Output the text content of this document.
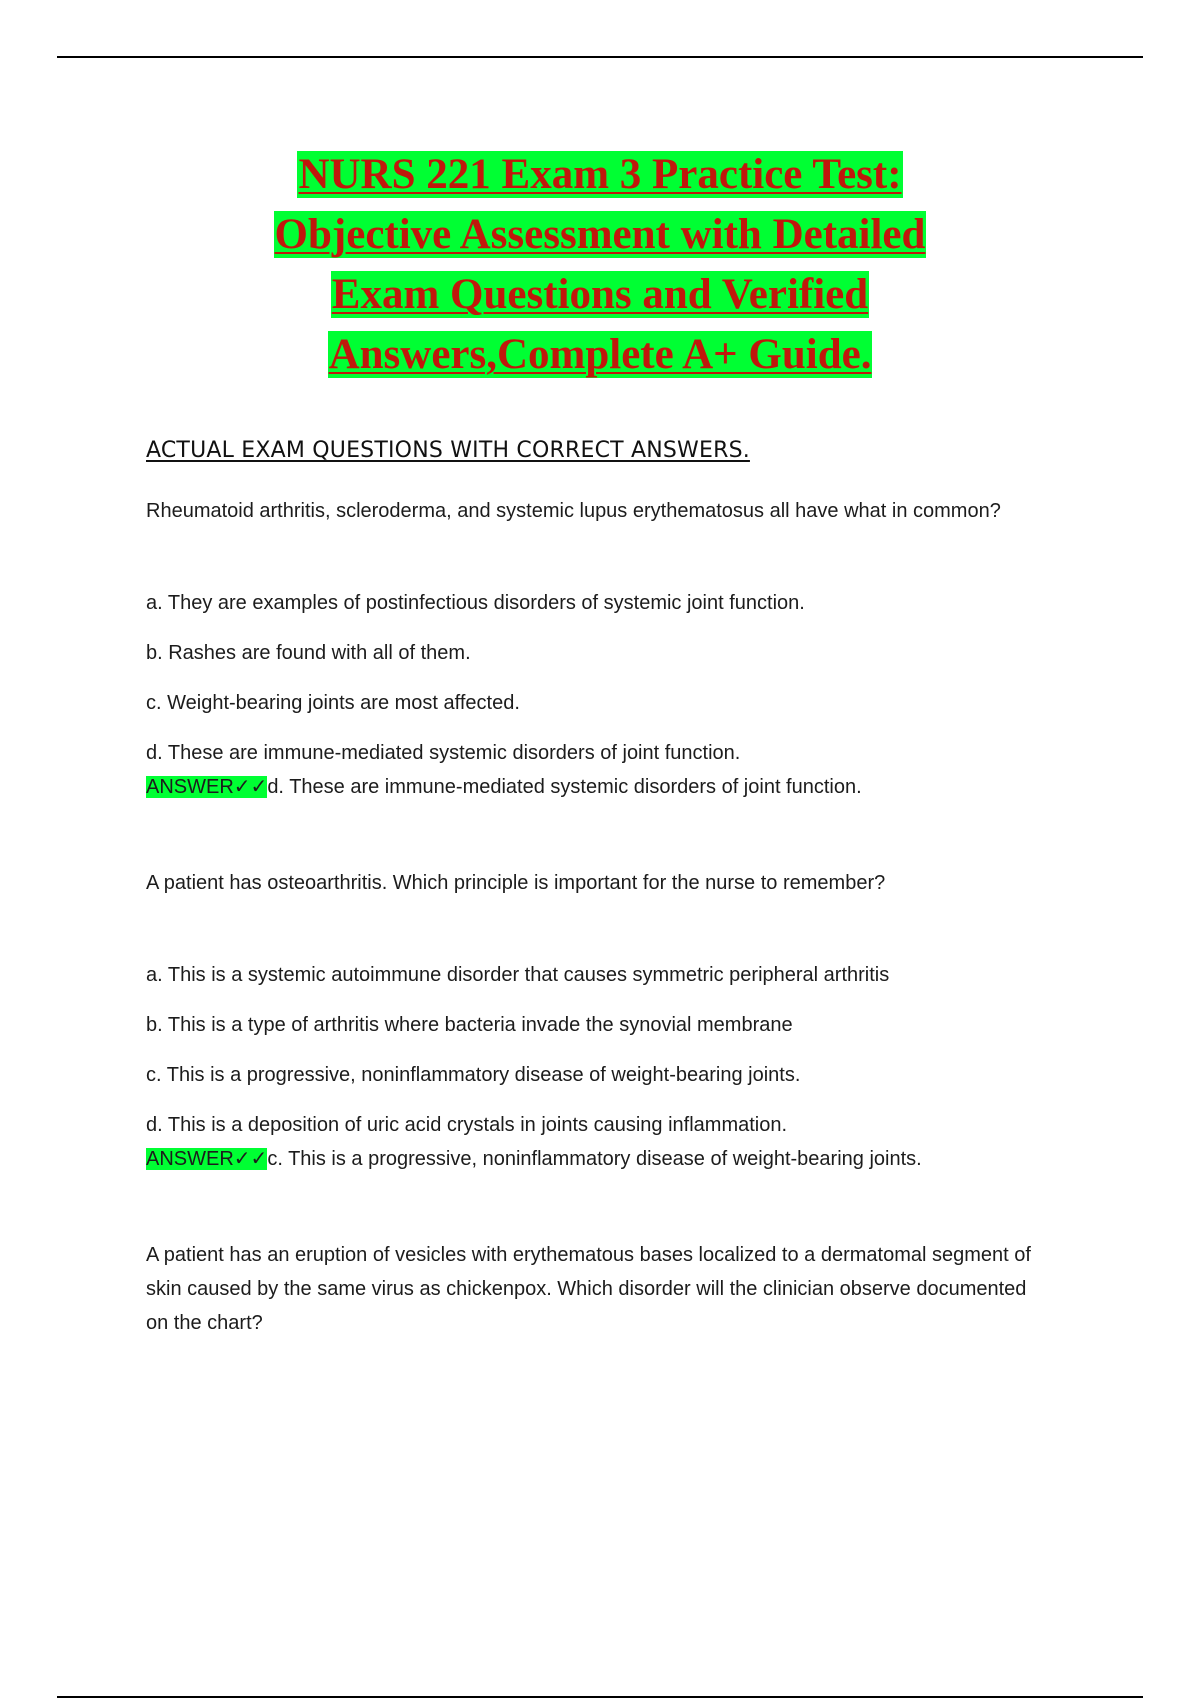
NURS 221 Exam 3 Practice Test:
Objective Assessment with Detailed
Exam Questions and Verified
Answers,Complete A+ Guide.
ACTUAL EXAM QUESTIONS WITH CORRECT ANSWERS.

Rheumatoid arthritis, scleroderma, and systemic lupus erythematosus all have what in common?

a. They are examples of postinfectious disorders of systemic joint function.

b. Rashes are found with all of them.

c. Weight-bearing joints are most affected.

d. These are immune-mediated systemic disorders of joint function.

ANSWER✓✓d. These are immune-mediated systemic disorders of joint function.

A patient has osteoarthritis. Which principle is important for the nurse to remember?

a. This is a systemic autoimmune disorder that causes symmetric peripheral arthritis

b. This is a type of arthritis where bacteria invade the synovial membrane

c. This is a progressive, noninflammatory disease of weight-bearing joints.

d. This is a deposition of uric acid crystals in joints causing inflammation.

ANSWER✓✓c. This is a progressive, noninflammatory disease of weight-bearing joints.

A patient has an eruption of vesicles with erythematous bases localized to a dermatomal segment of skin caused by the same virus as chickenpox. Which disorder will the clinician observe documented on the chart?
